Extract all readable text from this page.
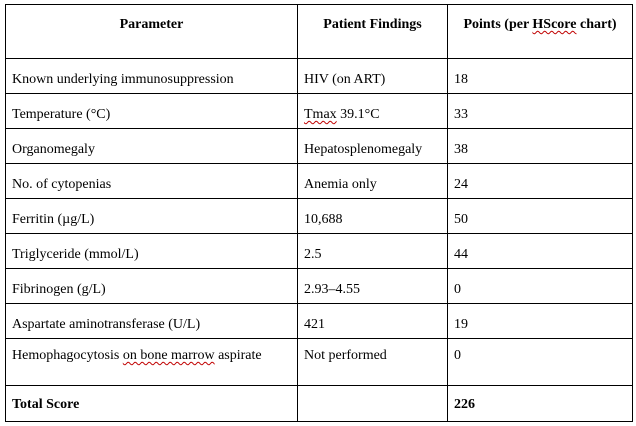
Parameter	Patient Findings	Points (per HScore chart)
Known underlying immunosuppression	HIV (on ART)	18
Temperature (°C)	Tmax 39.1°C	33
Organomegaly	Hepatosplenomegaly	38
No. of cytopenias	Anemia only	24
Ferritin (µg/L)	10,688	50
Triglyceride (mmol/L)	2.5	44
Fibrinogen (g/L)	2.93–4.55	0
Aspartate aminotransferase (U/L)	421	19
Hemophagocytosis on bone marrow aspirate	Not performed	0
Total Score		226
